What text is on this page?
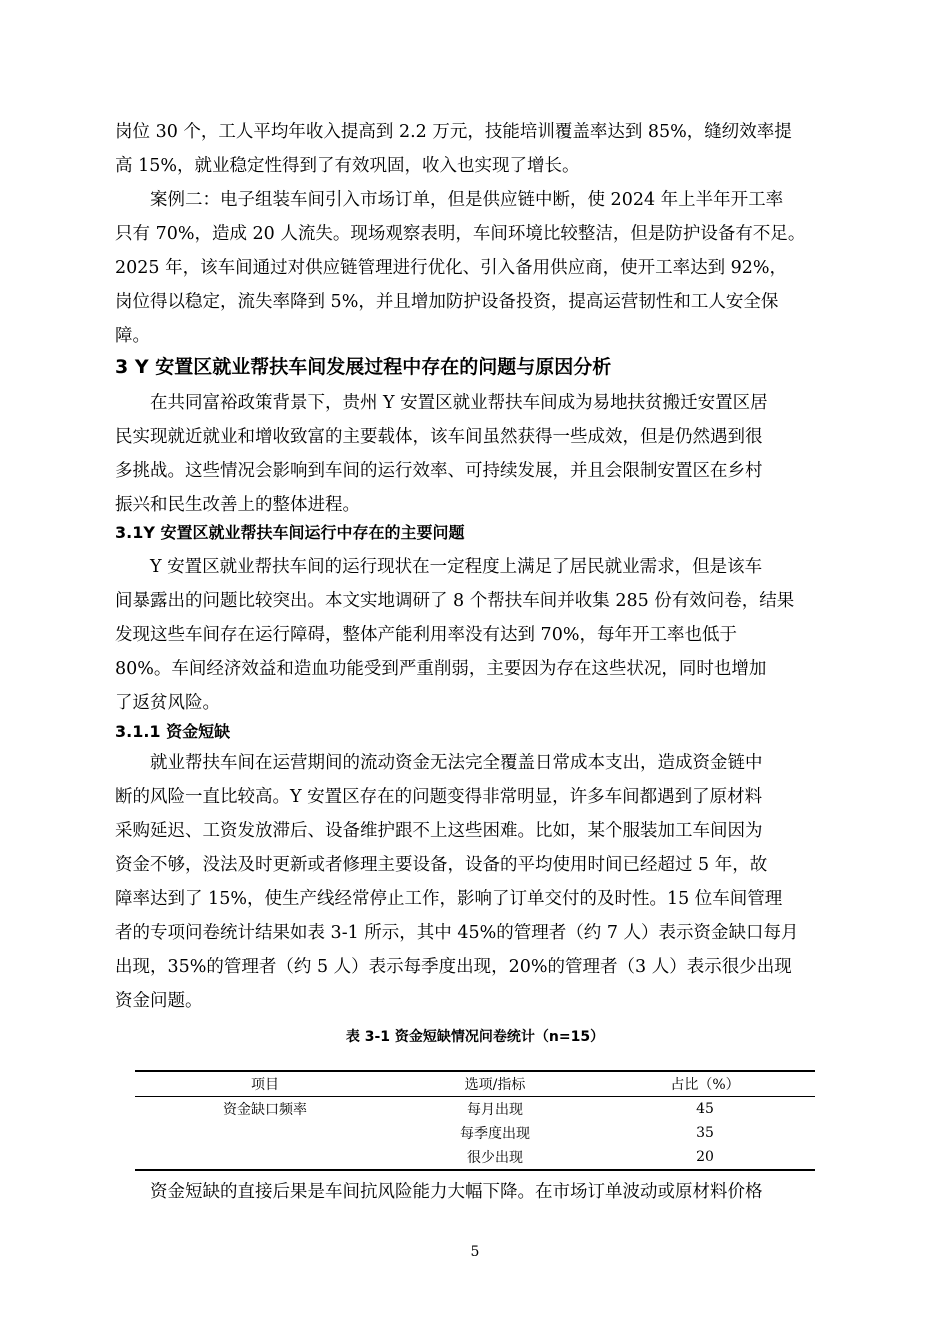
岗位 30 个，工人平均年收入提高到 2.2 万元，技能培训覆盖率达到 85%，缝纫效率提
高 15%，就业稳定性得到了有效巩固，收入也实现了增长。
　　案例二：电子组装车间引入市场订单，但是供应链中断，使 2024 年上半年开工率
只有 70%，造成 20 人流失。现场观察表明，车间环境比较整洁，但是防护设备有不足。
2025 年，该车间通过对供应链管理进行优化、引入备用供应商，使开工率达到 92%，
岗位得以稳定，流失率降到 5%，并且增加防护设备投资，提高运营韧性和工人安全保
障。
3 Y 安置区就业帮扶车间发展过程中存在的问题与原因分析
　　在共同富裕政策背景下，贵州 Y 安置区就业帮扶车间成为易地扶贫搬迁安置区居
民实现就近就业和增收致富的主要载体，该车间虽然获得一些成效，但是仍然遇到很
多挑战。这些情况会影响到车间的运行效率、可持续发展，并且会限制安置区在乡村
振兴和民生改善上的整体进程。
3.1Y 安置区就业帮扶车间运行中存在的主要问题
　　Y 安置区就业帮扶车间的运行现状在一定程度上满足了居民就业需求，但是该车
间暴露出的问题比较突出。本文实地调研了 8 个帮扶车间并收集 285 份有效问卷，结果
发现这些车间存在运行障碍，整体产能利用率没有达到 70%，每年开工率也低于
80%。车间经济效益和造血功能受到严重削弱，主要因为存在这些状况，同时也增加
了返贫风险。
3.1.1 资金短缺
　　就业帮扶车间在运营期间的流动资金无法完全覆盖日常成本支出，造成资金链中
断的风险一直比较高。Y 安置区存在的问题变得非常明显，许多车间都遇到了原材料
采购延迟、工资发放滞后、设备维护跟不上这些困难。比如，某个服装加工车间因为
资金不够，没法及时更新或者修理主要设备，设备的平均使用时间已经超过 5 年，故
障率达到了 15%，使生产线经常停止工作，影响了订单交付的及时性。15 位车间管理
者的专项问卷统计结果如表 3-1 所示，其中 45%的管理者（约 7 人）表示资金缺口每月
出现，35%的管理者（约 5 人）表示每季度出现，20%的管理者（3 人）表示很少出现
资金问题。
表 3-1 资金短缺情况问卷统计（n=15）
项目	选项/指标	占比（%）
资金缺口频率	每月出现	45
	每季度出现	35
	很少出现	20
　　资金短缺的直接后果是车间抗风险能力大幅下降。在市场订单波动或原材料价格
5
